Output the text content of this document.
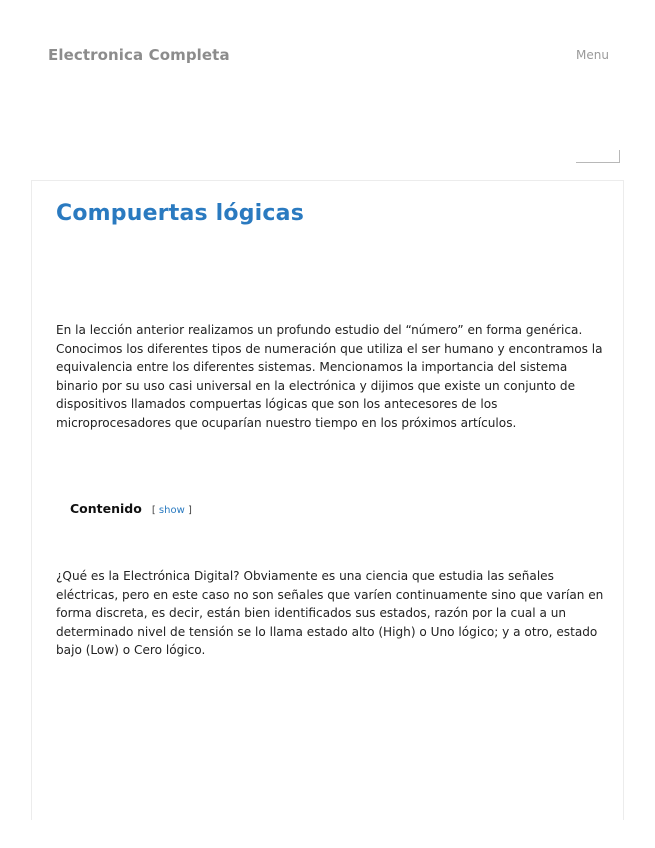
Electronica Completa	Menu
Compuertas lógicas

En la lección anterior realizamos un profundo estudio del “número” en forma genérica. Conocimos los diferentes tipos de numeración que utiliza el ser humano y encontramos la equivalencia entre los diferentes sistemas. Mencionamos la importancia del sistema binario por su uso casi universal en la electrónica y dijimos que existe un conjunto de dispositivos llamados compuertas lógicas que son los antecesores de los microprocesadores que ocuparían nuestro tiempo en los próximos artículos.

Contenido [ show ]

¿Qué es la Electrónica Digital? Obviamente es una ciencia que estudia las señales eléctricas, pero en este caso no son señales que varíen continuamente sino que varían en forma discreta, es decir, están bien identificados sus estados, razón por la cual a un determinado nivel de tensión se lo llama estado alto (High) o Uno lógico; y a otro, estado bajo (Low) o Cero lógico.
